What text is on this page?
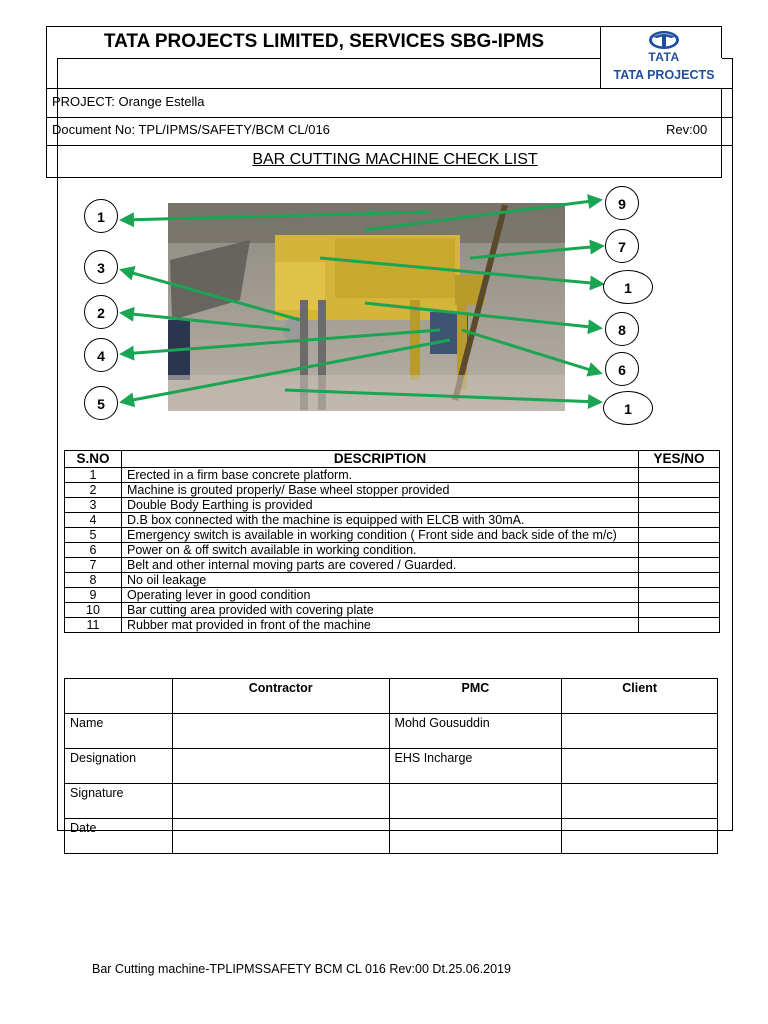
TATA PROJECTS LIMITED, SERVICES SBG-IPMS
TATA
TATA PROJECTS
PROJECT: Orange Estella
Document No: TPL/IPMS/SAFETY/BCM CL/016	Rev:00
BAR CUTTING MACHINE CHECK LIST
1
3
2
4
5
9
7
1
8
6
1
S.NO	DESCRIPTION	YES/NO
1	Erected in a firm base concrete platform.	
2	Machine is grouted properly/ Base wheel stopper provided	
3	Double Body Earthing is provided	
4	D.B box connected with the machine is equipped with ELCB with 30mA.	
5	Emergency switch is available in working condition ( Front side and back side of the m/c)	
6	Power on & off switch available in working condition.	
7	Belt and other internal moving parts are covered / Guarded.	
8	No oil leakage	
9	Operating lever in good condition	
10	Bar cutting area provided with covering plate	
11	Rubber mat provided in front of the machine	
	Contractor	PMC	Client
Name		Mohd Gousuddin	
Designation		EHS Incharge	
Signature			
Date			
Bar Cutting machine-TPLIPMSSAFETY BCM CL 016 Rev:00 Dt.25.06.2019
